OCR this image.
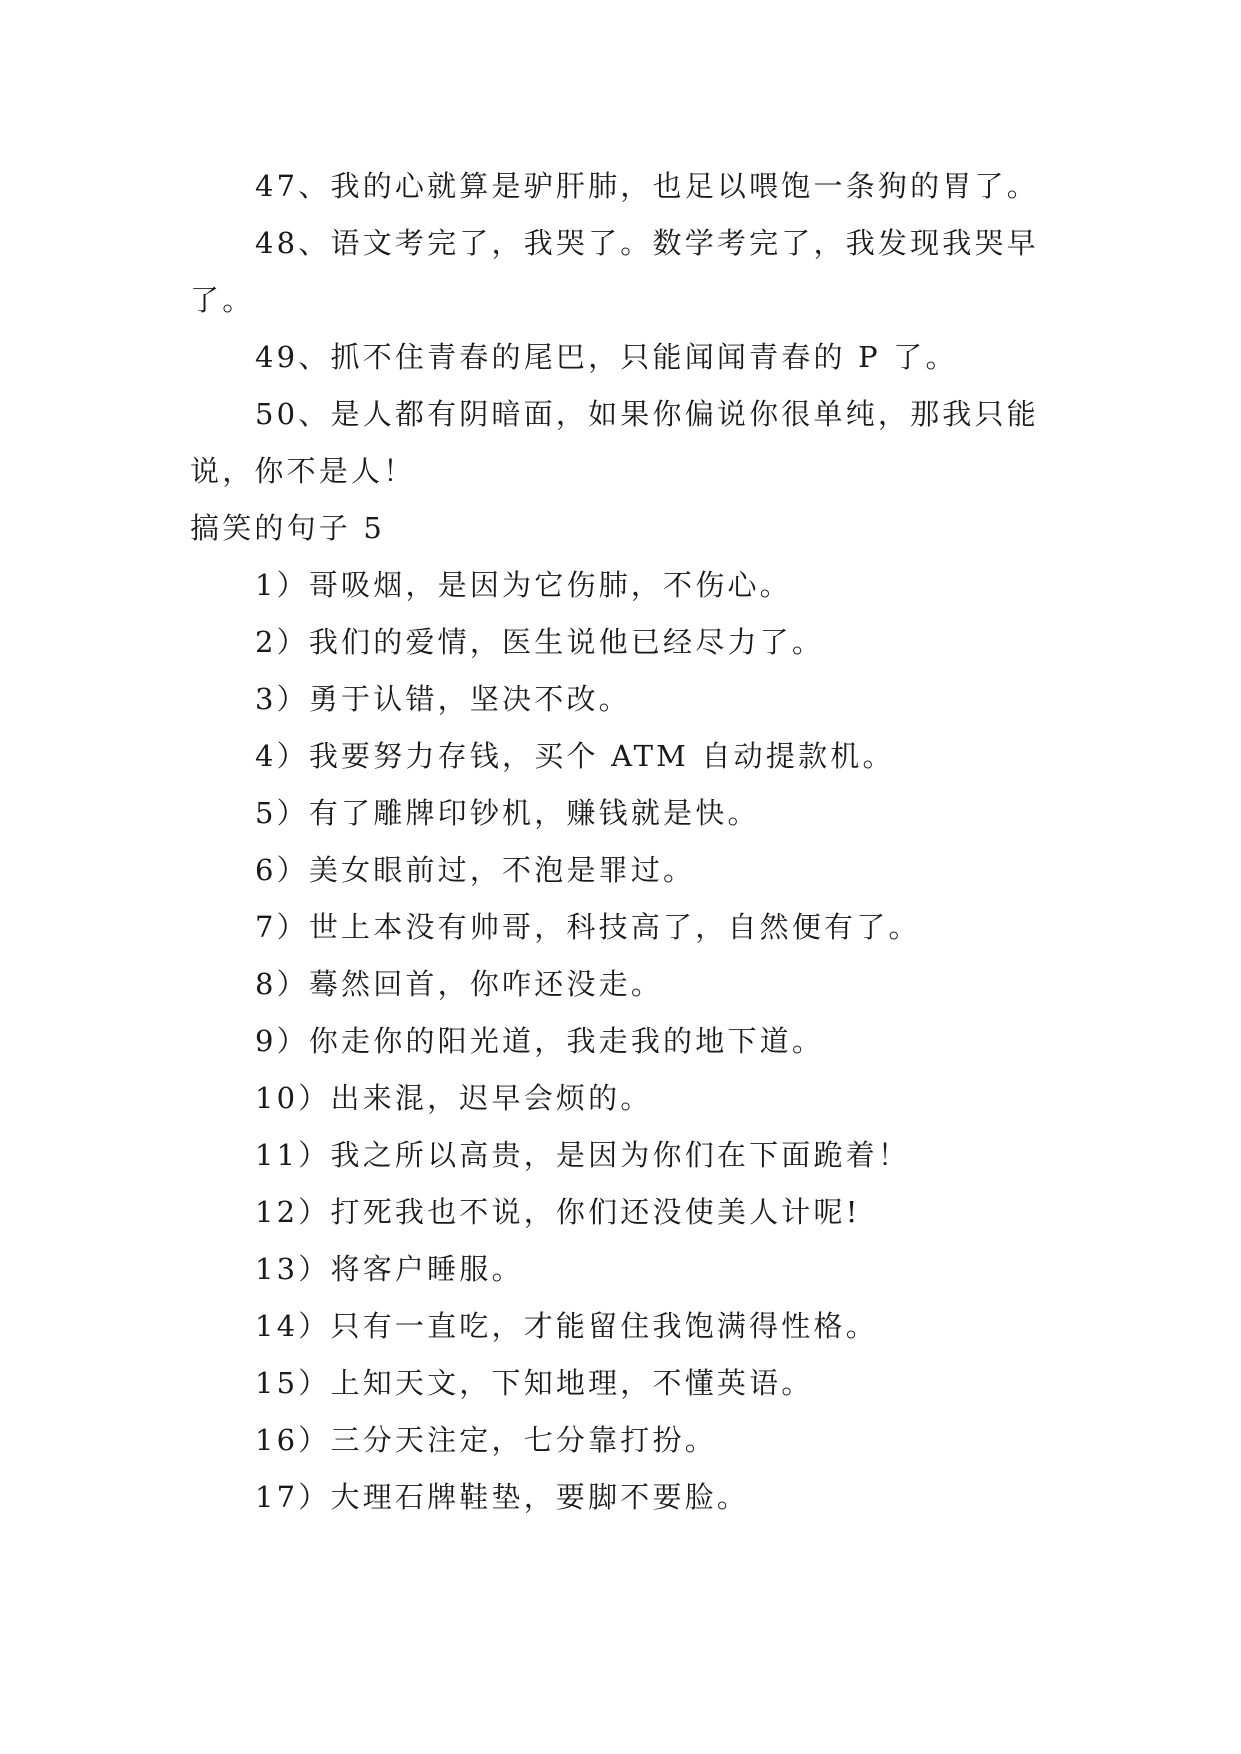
47、我的心就算是驴肝肺，也足以喂饱一条狗的胃了。
48、语文考完了，我哭了。数学考完了，我发现我哭早
了。
49、抓不住青春的尾巴，只能闻闻青春的 P 了。
50、是人都有阴暗面，如果你偏说你很单纯，那我只能
说，你不是人！
搞笑的句子 5
1）哥吸烟，是因为它伤肺，不伤心。
2）我们的爱情，医生说他已经尽力了。
3）勇于认错，坚决不改。
4）我要努力存钱，买个 ATM 自动提款机。
5）有了雕牌印钞机，赚钱就是快。
6）美女眼前过，不泡是罪过。
7）世上本没有帅哥，科技高了，自然便有了。
8）蓦然回首，你咋还没走。
9）你走你的阳光道，我走我的地下道。
10）出来混，迟早会烦的。
11）我之所以高贵，是因为你们在下面跪着！
12）打死我也不说，你们还没使美人计呢!
13）将客户睡服。
14）只有一直吃，才能留住我饱满得性格。
15）上知天文，下知地理，不懂英语。
16）三分天注定，七分靠打扮。
17）大理石牌鞋垫，要脚不要脸。
